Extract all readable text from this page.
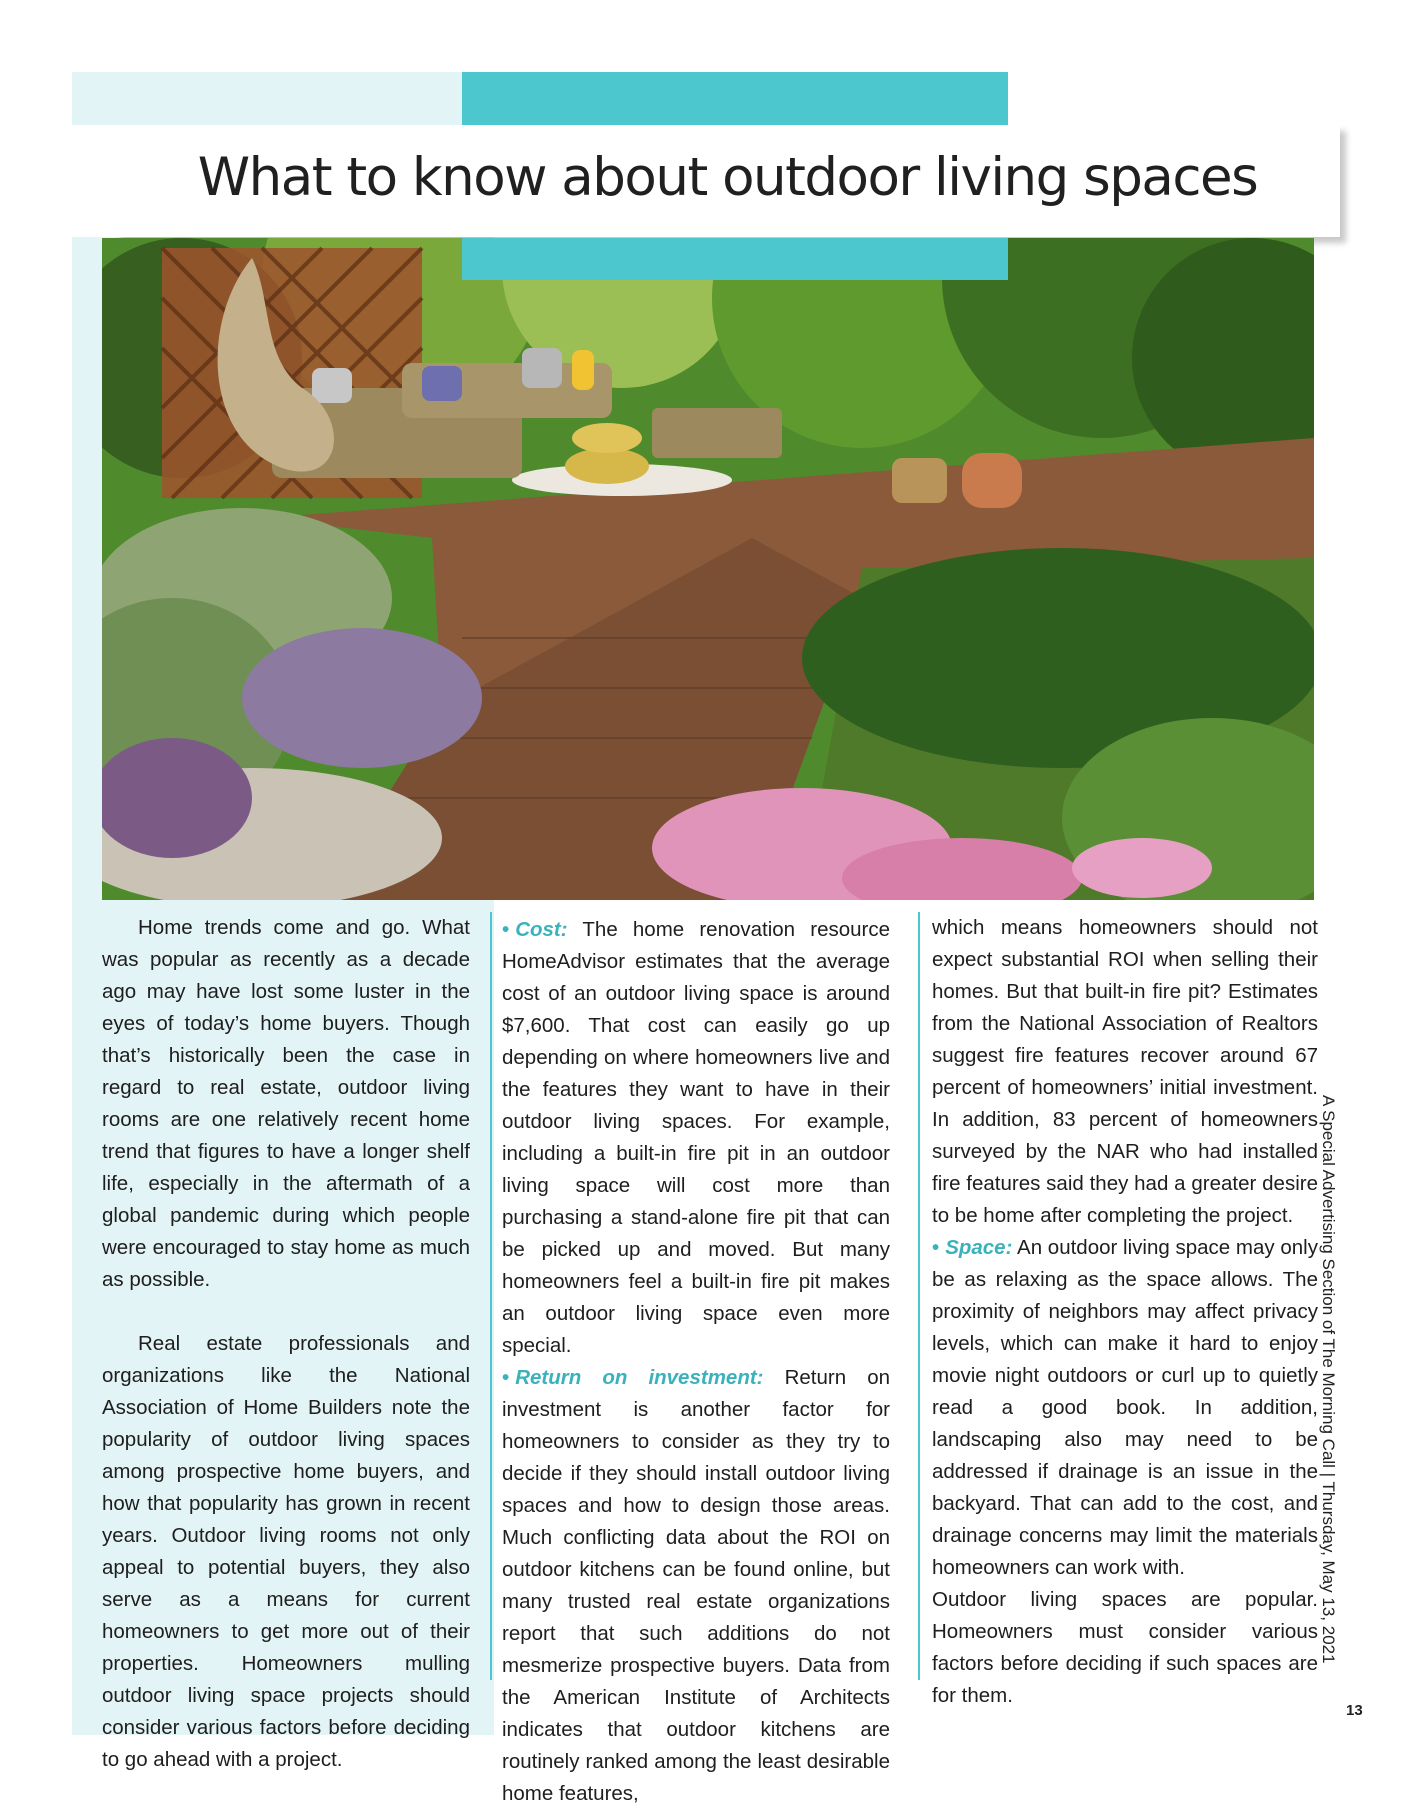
What to know about outdoor living spaces

Home trends come and go. What was popular as recently as a decade ago may have lost some luster in the eyes of today’s home buyers. Though that’s historically been the case in regard to real estate, outdoor living rooms are one relatively recent home trend that figures to have a longer shelf life, especially in the aftermath of a global pandemic during which people were encouraged to stay home as much as possible.

Real estate professionals and organizations like the National Association of Home Builders note the popularity of outdoor living spaces among prospective home buyers, and how that popularity has grown in recent years. Outdoor living rooms not only appeal to potential buyers, they also serve as a means for current homeowners to get more out of their properties. Homeowners mulling outdoor living space projects should consider various factors before deciding to go ahead with a project.

• Cost: The home renovation resource HomeAdvisor estimates that the average cost of an outdoor living space is around $7,600. That cost can easily go up depending on where homeowners live and the features they want to have in their outdoor living spaces. For example, including a built-in fire pit in an outdoor living space will cost more than purchasing a stand-alone fire pit that can be picked up and moved. But many homeowners feel a built-in fire pit makes an outdoor living space even more special.

• Return on investment: Return on investment is another factor for homeowners to consider as they try to decide if they should install outdoor living spaces and how to design those areas. Much conflicting data about the ROI on outdoor kitchens can be found online, but many trusted real estate organizations report that such additions do not mesmerize prospective buyers. Data from the American Institute of Architects indicates that outdoor kitchens are routinely ranked among the least desirable home features,

which means homeowners should not expect substantial ROI when selling their homes. But that built-in fire pit? Estimates from the National Association of Realtors suggest fire features recover around 67 percent of homeowners’ initial investment. In addition, 83 percent of homeowners surveyed by the NAR who had installed fire features said they had a greater desire to be home after completing the project.

• Space: An outdoor living space may only be as relaxing as the space allows. The proximity of neighbors may affect privacy levels, which can make it hard to enjoy movie night outdoors or curl up to quietly read a good book. In addition, landscaping also may need to be addressed if drainage is an issue in the backyard. That can add to the cost, and drainage concerns may limit the materials homeowners can work with.

Outdoor living spaces are popular. Homeowners must consider various factors before deciding if such spaces are for them.

A Special Advertising Section of The Morning Call | Thursday, May 13, 2021
13
